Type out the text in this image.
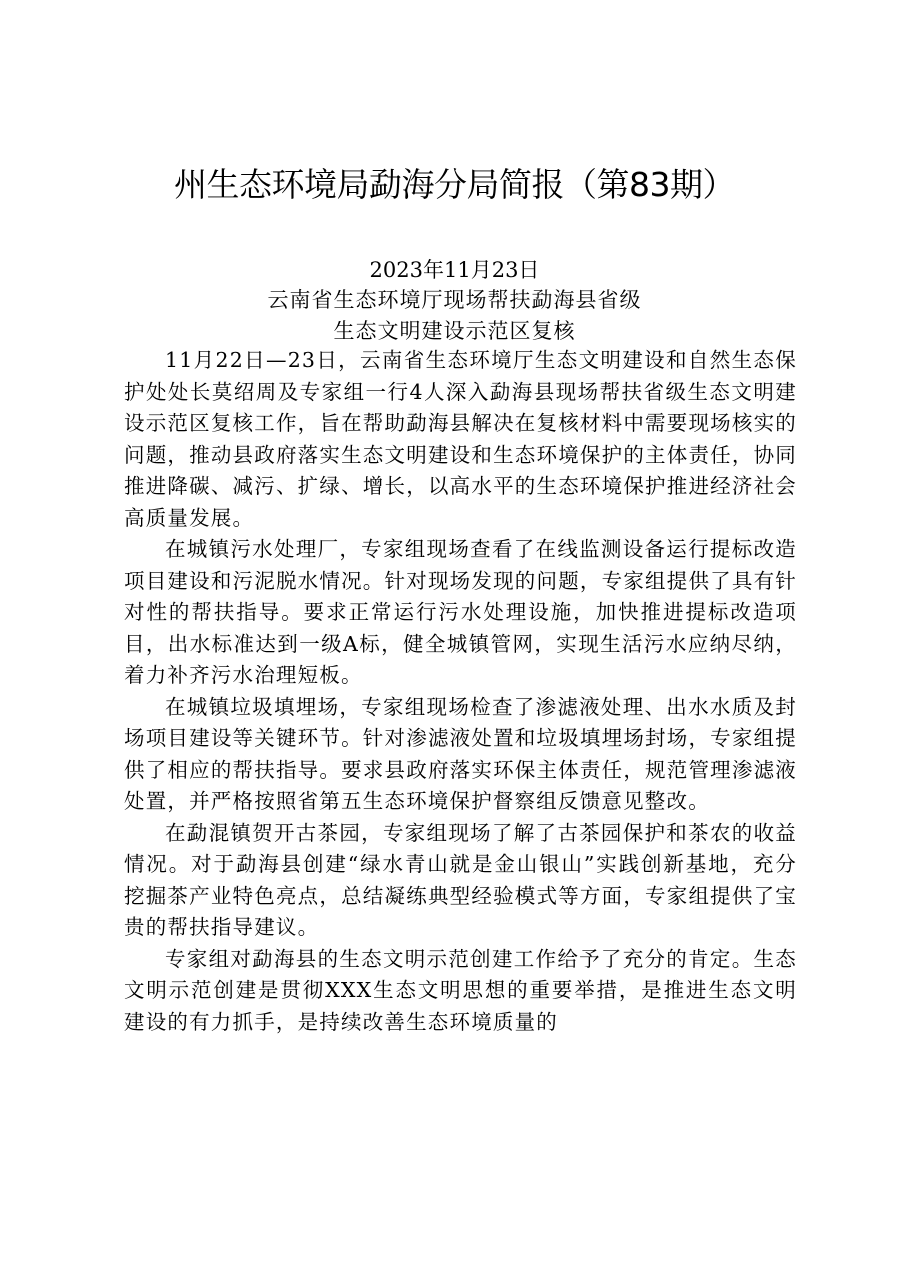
州生态环境局勐海分局简报（第83期）
2023年11月23日
云南省生态环境厅现场帮扶勐海县省级
生态文明建设示范区复核

11月22日—23日，云南省生态环境厅生态文明建设和自然生态保护处处长莫绍周及专家组一行4人深入勐海县现场帮扶省级生态文明建设示范区复核工作，旨在帮助勐海县解决在复核材料中需要现场核实的问题，推动县政府落实生态文明建设和生态环境保护的主体责任，协同推进降碳、减污、扩绿、增长，以高水平的生态环境保护推进经济社会高质量发展。

在城镇污水处理厂，专家组现场查看了在线监测设备运行提标改造项目建设和污泥脱水情况。针对现场发现的问题，专家组提供了具有针对性的帮扶指导。要求正常运行污水处理设施，加快推进提标改造项目，出水标准达到一级A标，健全城镇管网，实现生活污水应纳尽纳，着力补齐污水治理短板。

在城镇垃圾填埋场，专家组现场检查了渗滤液处理、出水水质及封场项目建设等关键环节。针对渗滤液处置和垃圾填埋场封场，专家组提供了相应的帮扶指导。要求县政府落实环保主体责任，规范管理渗滤液处置，并严格按照省第五生态环境保护督察组反馈意见整改。

在勐混镇贺开古茶园，专家组现场了解了古茶园保护和茶农的收益情况。对于勐海县创建“绿水青山就是金山银山”实践创新基地，充分挖掘茶产业特色亮点，总结凝练典型经验模式等方面，专家组提供了宝贵的帮扶指导建议。

专家组对勐海县的生态文明示范创建工作给予了充分的肯定。生态文明示范创建是贯彻XXX生态文明思想的重要举措，是推进生态文明建设的有力抓手，是持续改善生态环境质量的
